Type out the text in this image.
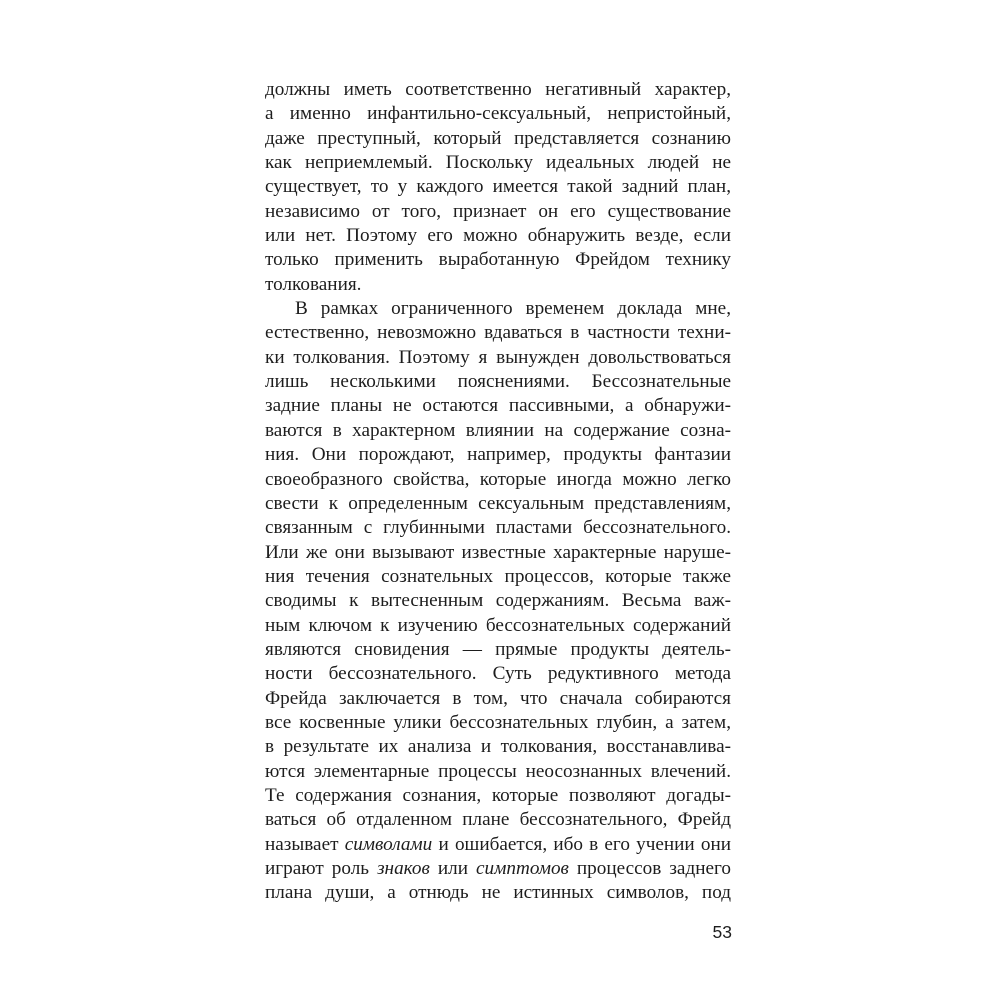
должны иметь соответственно негативный характер,
а именно инфантильно-сексуальный, непристойный,
даже преступный, который представляется сознанию
как неприемлемый. Поскольку идеальных людей не
существует, то у каждого имеется такой задний план,
независимо от того, признает он его существование
или нет. Поэтому его можно обнаружить везде, если
только применить выработанную Фрейдом технику
толкования.
В рамках ограниченного временем доклада мне,
естественно, невозможно вдаваться в частности техни-
ки толкования. Поэтому я вынужден довольствоваться
лишь несколькими пояснениями. Бессознательные
задние планы не остаются пассивными, а обнаружи-
ваются в характерном влиянии на содержание созна-
ния. Они порождают, например, продукты фантазии
своеобразного свойства, которые иногда можно легко
свести к определенным сексуальным представлениям,
связанным с глубинными пластами бессознательного.
Или же они вызывают известные характерные наруше-
ния течения сознательных процессов, которые также
сводимы к вытесненным содержаниям. Весьма важ-
ным ключом к изучению бессознательных содержаний
являются сновидения — прямые продукты деятель-
ности бессознательного. Суть редуктивного метода
Фрейда заключается в том, что сначала собираются
все косвенные улики бессознательных глубин, а затем,
в результате их анализа и толкования, восстанавлива-
ются элементарные процессы неосознанных влечений.
Те содержания сознания, которые позволяют догады-
ваться об отдаленном плане бессознательного, Фрейд
называет символами и ошибается, ибо в его учении они
играют роль знаков или симптомов процессов заднего
плана души, а отнюдь не истинных символов, под
53
